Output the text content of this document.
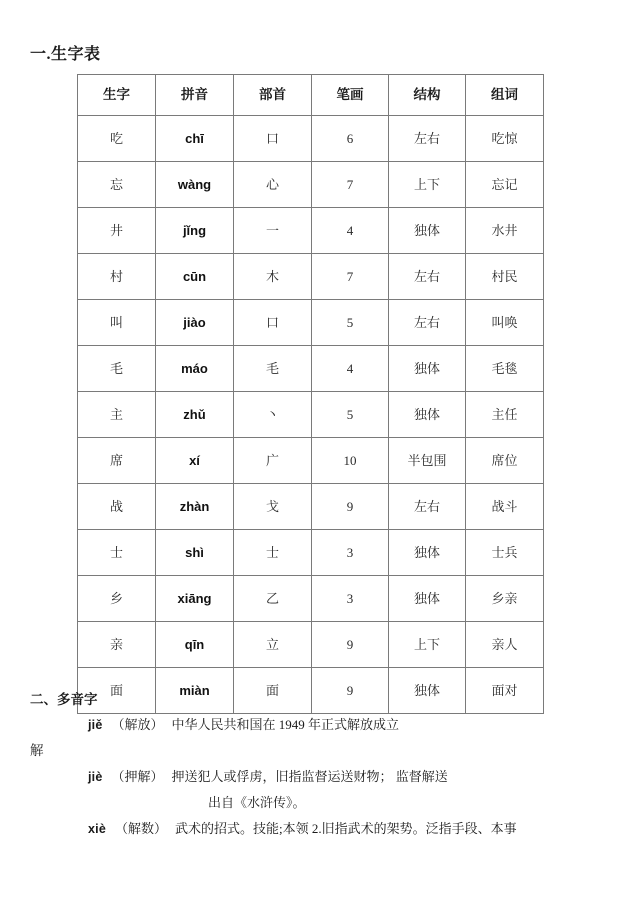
一.生字表
生字	拼音	部首	笔画	结构	组词
吃	chī	口	6	左右	吃惊
忘	wàng	心	7	上下	忘记
井	jǐng	一	4	独体	水井
村	cūn	木	7	左右	村民
叫	jiào	口	5	左右	叫唤
毛	máo	毛	4	独体	毛毯
主	zhǔ	丶	5	独体	主任
席	xí	广	10	半包围	席位
战	zhàn	戈	9	左右	战斗
士	shì	士	3	独体	士兵
乡	xiāng	乙	3	独体	乡亲
亲	qīn	立	9	上下	亲人
面	miàn	面	9	独体	面对
二、多音字
jiě （解放） 中华人民共和国在 1949 年正式解放成立
解
jiè （押解） 押送犯人或俘虏，旧指监督运送财物； 监督解送
出自《水浒传》。
xiè （解数） 武术的招式。技能;本领 2.旧指武术的架势。泛指手段、本事
